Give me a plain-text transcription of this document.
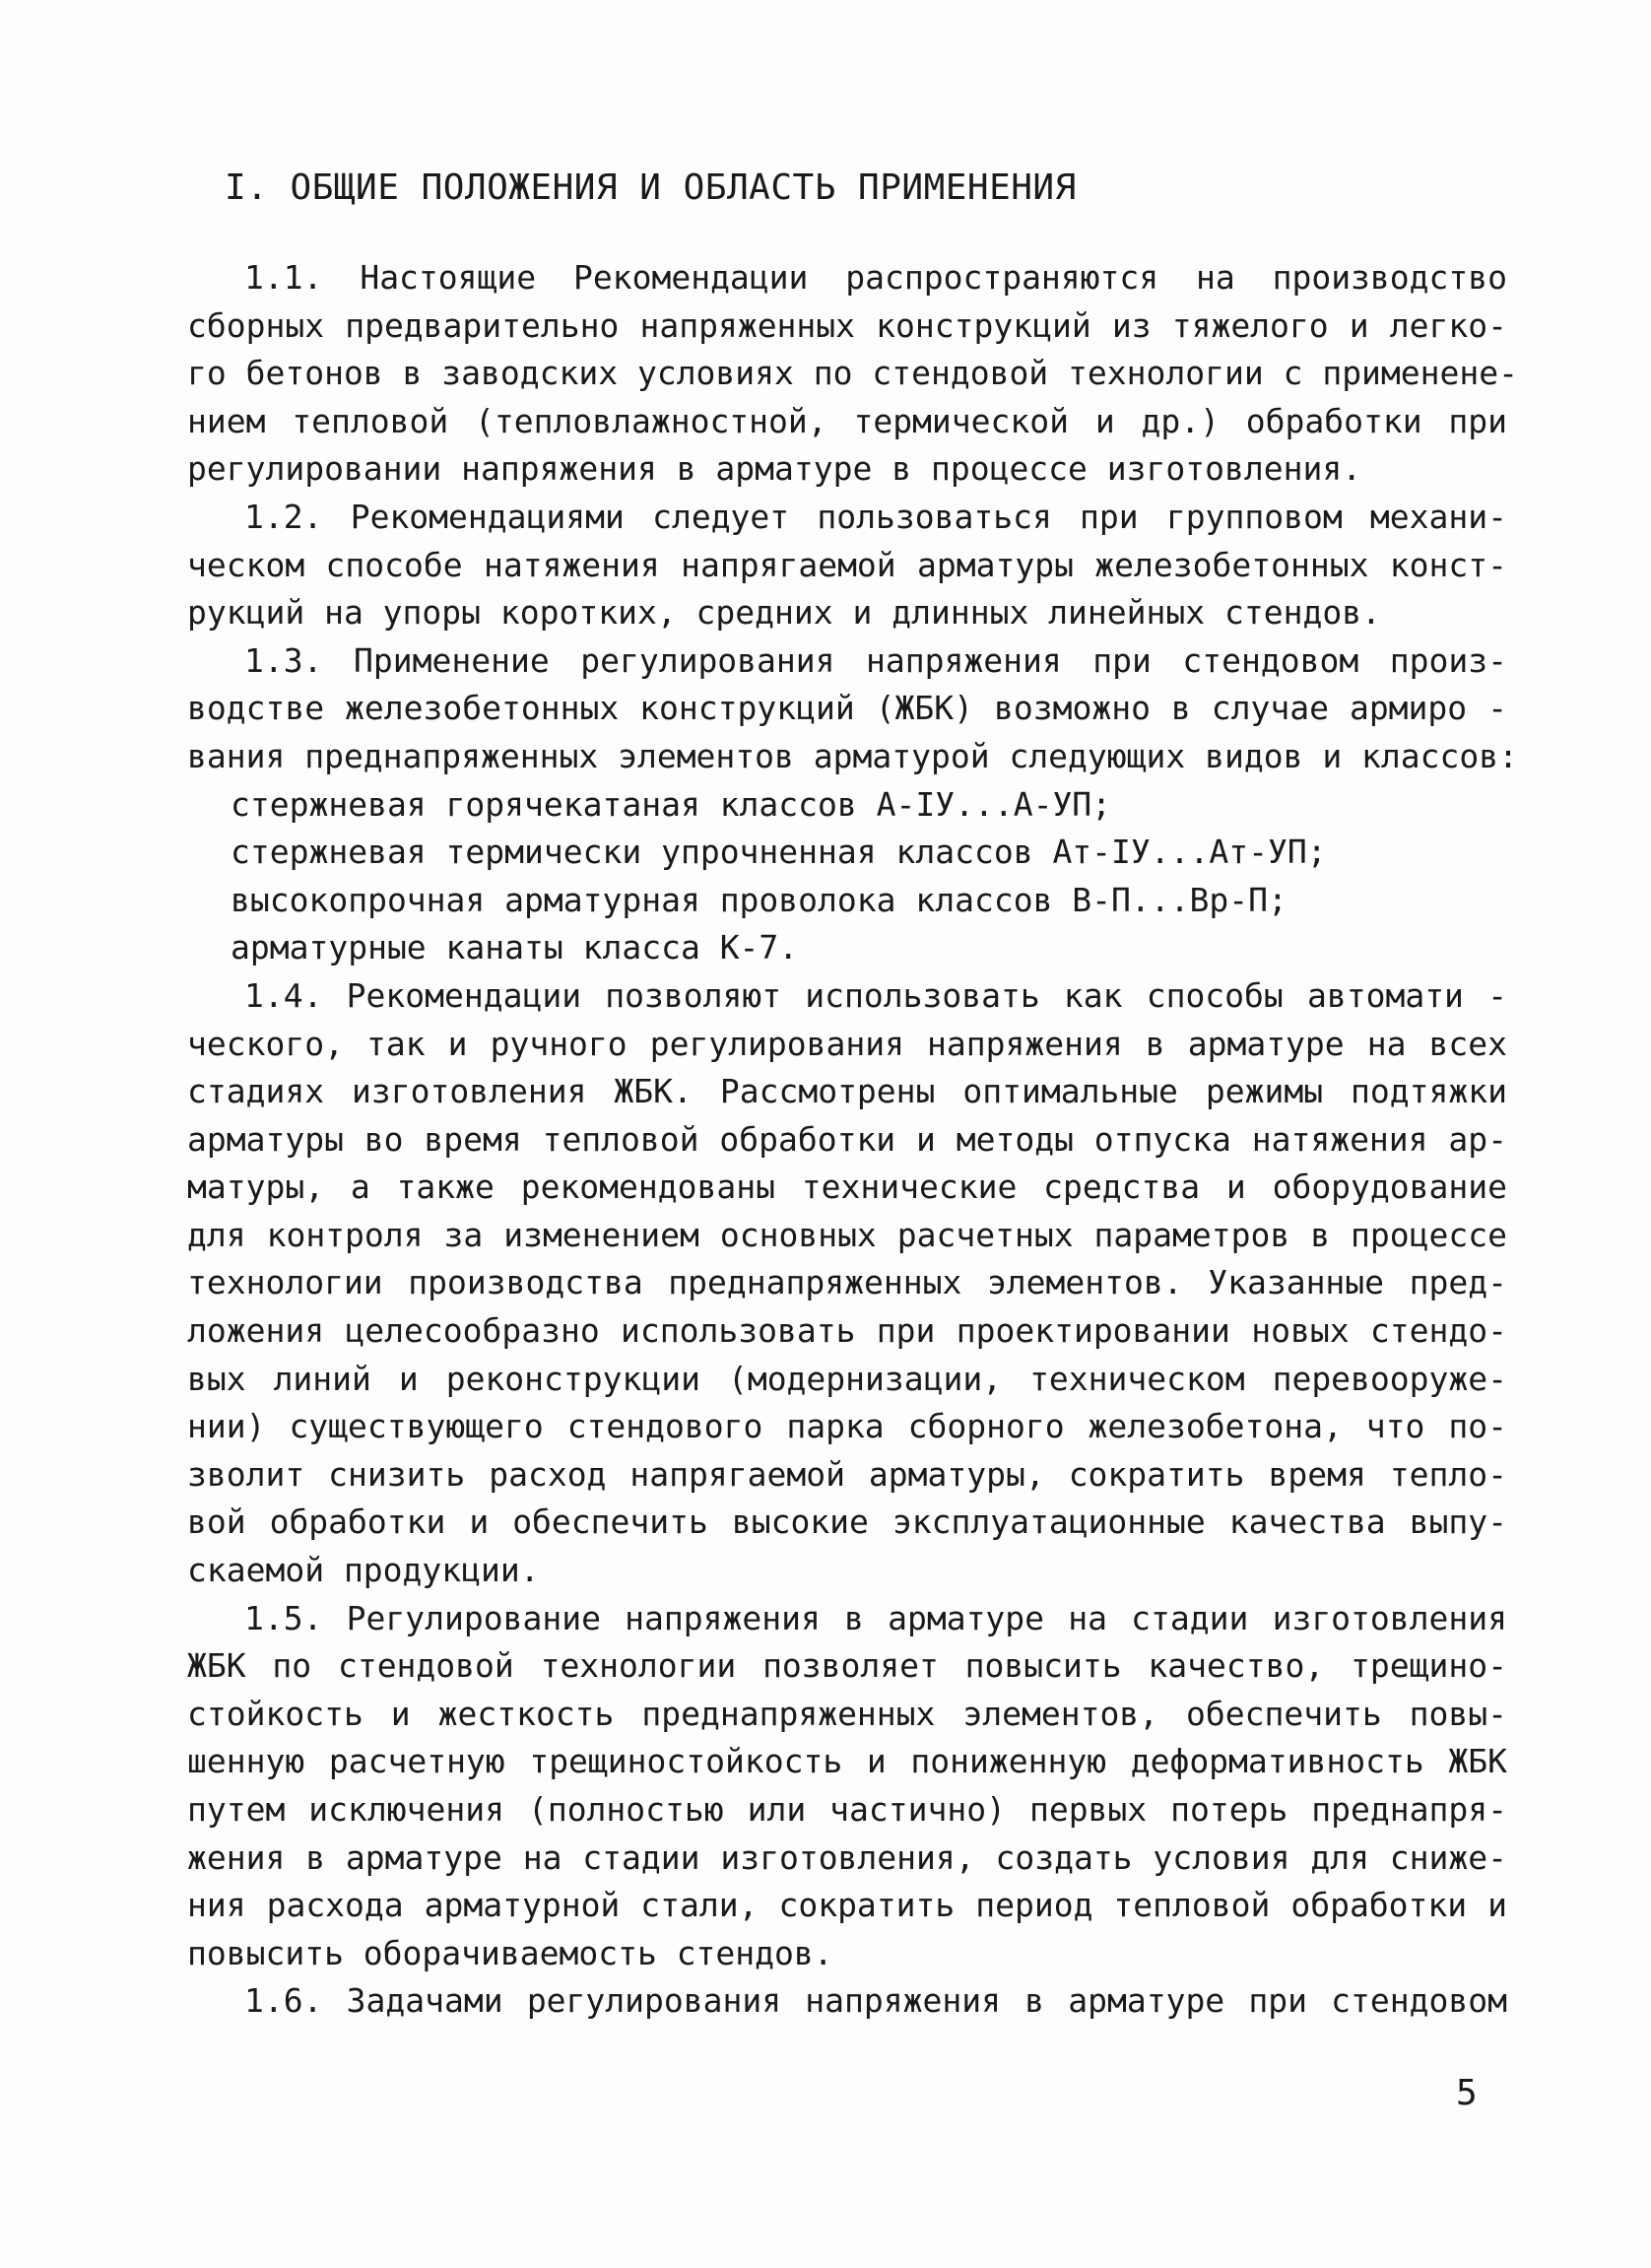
I. ОБЩИЕ ПОЛОЖЕНИЯ И ОБЛАСТЬ ПРИМЕНЕНИЯ
1.1. Настоящие Рекомендации распространяются на производство
сборных предварительно напряженных конструкций из тяжелого и легко-
го бетонов в заводских условиях по стендовой технологии с применене-
нием тепловой (тепловлажностной, термической и др.) обработки при
регулировании напряжения в арматуре в процессе изготовления.
1.2. Рекомендациями следует пользоваться при групповом механи-
ческом способе натяжения напрягаемой арматуры железобетонных конст-
рукций на упоры коротких, средних и длинных линейных стендов.
1.3. Применение регулирования напряжения при стендовом произ-
водстве железобетонных конструкций (ЖБК) возможно в случае армиро -
вания преднапряженных элементов арматурой следующих видов и классов:
стержневая горячекатаная классов А-IУ...А-УП;
стержневая термически упрочненная классов Ат-IУ...Ат-УП;
высокопрочная арматурная проволока классов В-П...Вр-П;
арматурные канаты класса К-7.
1.4. Рекомендации позволяют использовать как способы автомати -
ческого, так и ручного регулирования напряжения в арматуре на всех
стадиях изготовления ЖБК. Рассмотрены оптимальные режимы подтяжки
арматуры во время тепловой обработки и методы отпуска натяжения ар-
матуры, а также рекомендованы технические средства и оборудование
для контроля за изменением основных расчетных параметров в процессе
технологии производства преднапряженных элементов. Указанные пред-
ложения целесообразно использовать при проектировании новых стендо-
вых линий и реконструкции (модернизации, техническом перевооруже-
нии) существующего стендового парка сборного железобетона, что по-
зволит снизить расход напрягаемой арматуры, сократить время тепло-
вой обработки и обеспечить высокие эксплуатационные качества выпу-
скаемой продукции.
1.5. Регулирование напряжения в арматуре на стадии изготовления
ЖБК по стендовой технологии позволяет повысить качество, трещино-
стойкость и жесткость преднапряженных элементов, обеспечить повы-
шенную расчетную трещиностойкость и пониженную деформативность ЖБК
путем исключения (полностью или частично) первых потерь преднапря-
жения в арматуре на стадии изготовления, создать условия для сниже-
ния расхода арматурной стали, сократить период тепловой обработки и
повысить оборачиваемость стендов.
1.6. Задачами регулирования напряжения в арматуре при стендовом
5
